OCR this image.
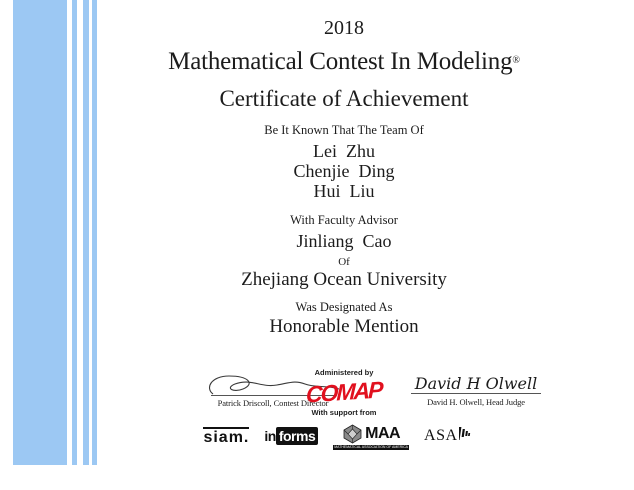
2018
Mathematical Contest In Modeling®
Certificate of Achievement
Be It Known That The Team Of
Lei  Zhu
Chenjie  Ding
Hui  Liu
With Faculty Advisor
Jinliang  Cao
Of
Zhejiang Ocean University
Was Designated As
Honorable Mention
Patrick Driscoll, Contest Director
Administered by
COMAP
With support from
David H Olwell
David H. Olwell, Head Judge
siam. in forms	MAA
MATHEMATICAL ASSOCIATION OF AMERICA
ASA
